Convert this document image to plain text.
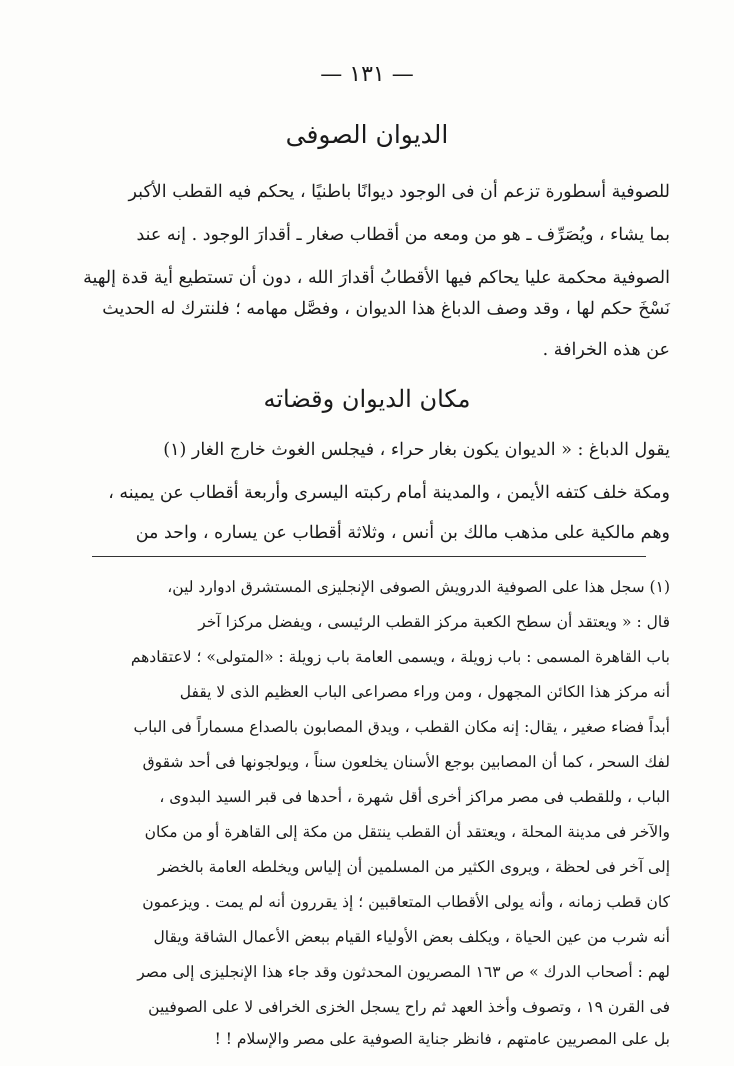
— ١٣١ —
الديوان الصوفى
للصوفية أسطورة تزعم أن فى الوجود ديوانًا باطنيًا ، يحكم فيه القطب الأكبر
بما يشاء ، ويُصَرِّف ـ هو من ومعه من أقطاب صغار ـ أقدارَ الوجود . إنه عند
الصوفية محكمة عليا يحاكم فيها الأقطابُ أقدارَ الله ، دون أن تستطيع أية قدة إلهية
نَسْخَ حكم لها ، وقد وصف الدباغ هذا الديوان ، وفصَّل مهامه ؛ فلنترك له الحديث
عن هذه الخرافة .
مكان الديوان وقضاته
يقول الدباغ : « الديوان يكون بغار حراء ، فيجلس الغوث خارج الغار (١)
ومكة خلف كتفه الأيمن ، والمدينة أمام ركبته اليسرى وأربعة أقطاب عن يمينه ،
وهم مالكية على مذهب مالك بن أنس ، وثلاثة أقطاب عن يساره ، واحد من
(١) سجل هذا على الصوفية الدرويش الصوفى الإنجليزى المستشرق ادوارد لين،
قال : « ويعتقد أن سطح الكعبة مركز القطب الرئيسى ، ويفضل مركزا آخر
باب القاهرة المسمى : باب زويلة ، ويسمى العامة باب زويلة : «المتولى» ؛ لاعتقادهم
أنه مركز هذا الكائن المجهول ، ومن وراء مصراعى الباب العظيم الذى لا يقفل
أبداً فضاء صغير ، يقال: إنه مكان القطب ، ويدق المصابون بالصداع مسماراً فى الباب
لفك السحر ، كما أن المصابين بوجع الأسنان يخلعون سناً ، ويولجونها فى أحد شقوق
الباب ، وللقطب فى مصر مراكز أخرى أقل شهرة ، أحدها فى قبر السيد البدوى ،
والآخر فى مدينة المحلة ، ويعتقد أن القطب ينتقل من مكة إلى القاهرة أو من مكان
إلى آخر فى لحظة ، ويروى الكثير من المسلمين أن إلياس ويخلطه العامة بالخضر
كان قطب زمانه ، وأنه يولى الأقطاب المتعاقبين ؛ إذ يقررون أنه لم يمت . ويزعمون
أنه شرب من عين الحياة ، ويكلف بعض الأولياء القيام ببعض الأعمال الشاقة ويقال
لهم : أصحاب الدرك » ص ١٦٣ المصريون المحدثون وقد جاء هذا الإنجليزى إلى مصر
فى القرن ١٩ ، وتصوف وأخذ العهد ثم راح يسجل الخزى الخرافى لا على الصوفيين
بل على المصريين عامتهم ، فانظر جناية الصوفية على مصر والإسلام ! !
